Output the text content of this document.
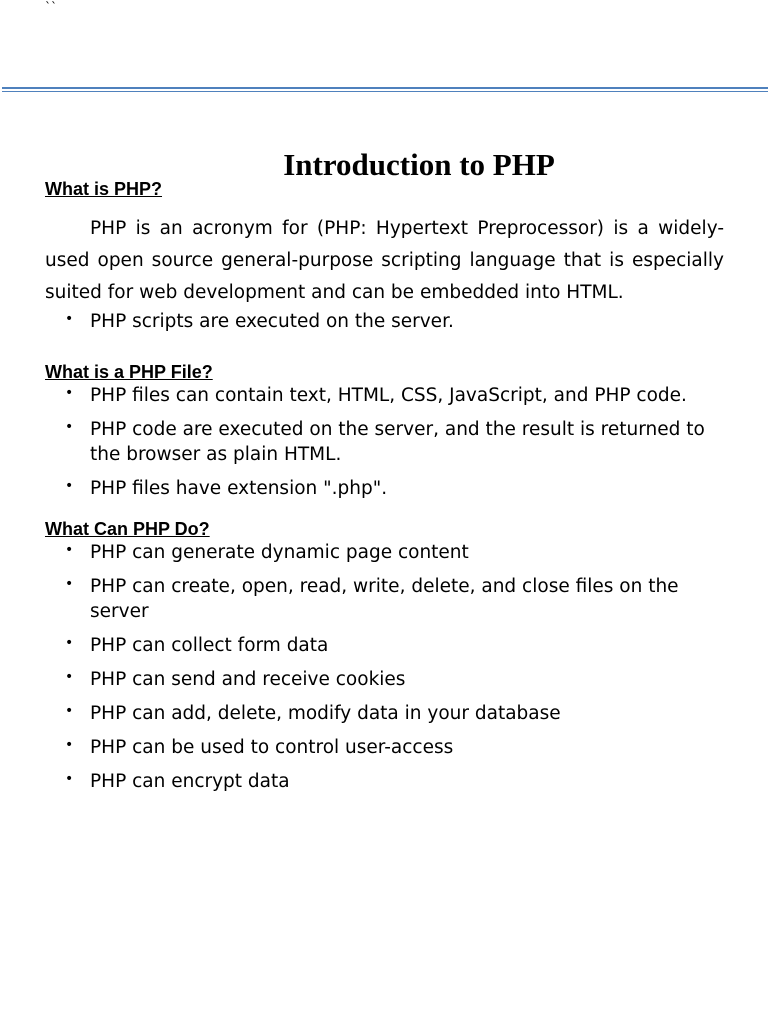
``
Introduction to PHP
What is PHP?

PHP is an acronym for (PHP: Hypertext Preprocessor) is a widely-used open source general-purpose scripting language that is especially suited for web development and can be embedded into HTML.

• PHP scripts are executed on the server.
What is a PHP File?
• PHP files can contain text, HTML, CSS, JavaScript, and PHP code.
• PHP code are executed on the server, and the result is returned to the browser as plain HTML.
• PHP files have extension ".php".
What Can PHP Do?
• PHP can generate dynamic page content
• PHP can create, open, read, write, delete, and close files on the server
• PHP can collect form data
• PHP can send and receive cookies
• PHP can add, delete, modify data in your database
• PHP can be used to control user-access
• PHP can encrypt data
